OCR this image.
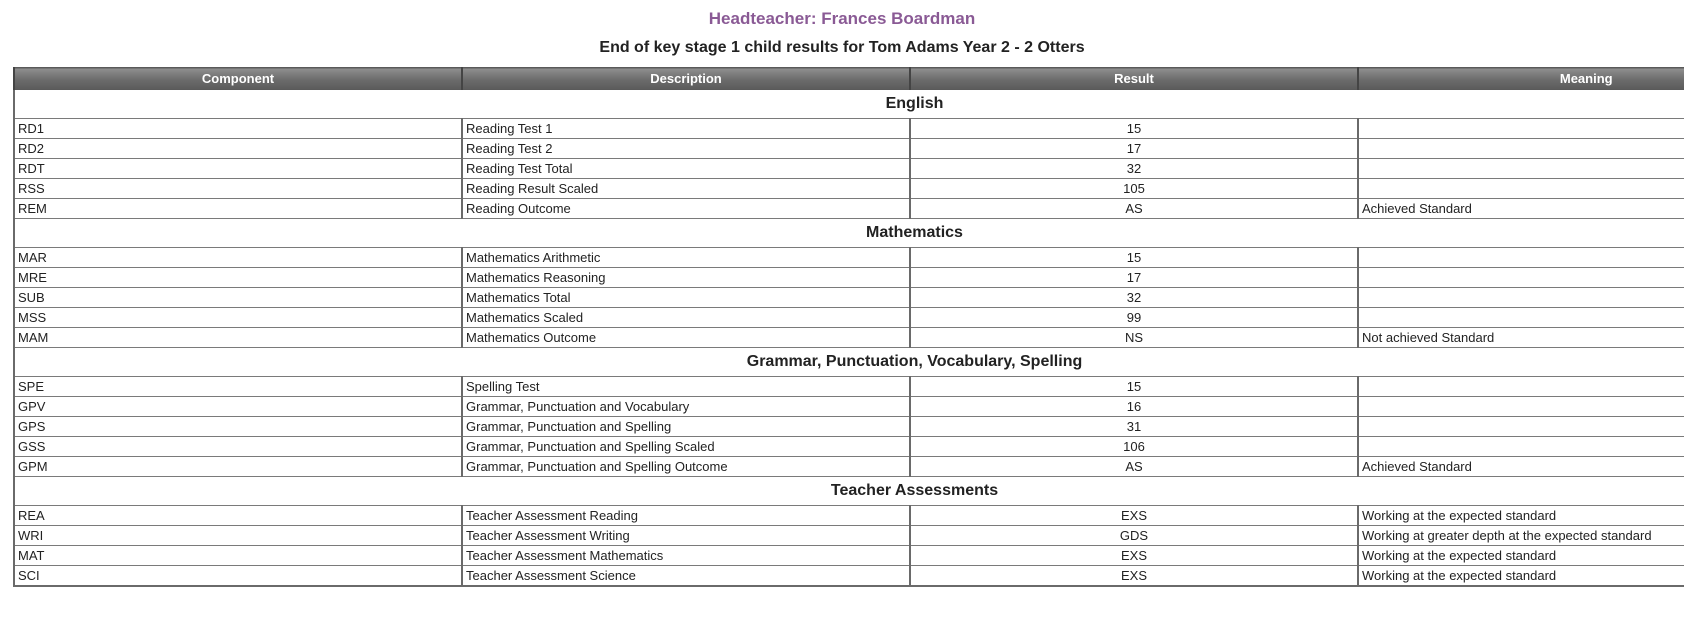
Headteacher: Frances Boardman
End of key stage 1 child results for Tom Adams Year 2 - 2 Otters
Component	Description	Result	Meaning
English			
RD1	Reading Test 1	15	
RD2	Reading Test 2	17	
RDT	Reading Test Total	32	
RSS	Reading Result Scaled	105	
REM	Reading Outcome	AS	Achieved Standard
Mathematics			
MAR	Mathematics Arithmetic	15	
MRE	Mathematics Reasoning	17	
SUB	Mathematics Total	32	
MSS	Mathematics Scaled	99	
MAM	Mathematics Outcome	NS	Not achieved Standard
Grammar, Punctuation, Vocabulary, Spelling			
SPE	Spelling Test	15	
GPV	Grammar, Punctuation and Vocabulary	16	
GPS	Grammar, Punctuation and Spelling	31	
GSS	Grammar, Punctuation and Spelling Scaled	106	
GPM	Grammar, Punctuation and Spelling Outcome	AS	Achieved Standard
Teacher Assessments			
REA	Teacher Assessment Reading	EXS	Working at the expected standard
WRI	Teacher Assessment Writing	GDS	Working at greater depth at the expected standard
MAT	Teacher Assessment Mathematics	EXS	Working at the expected standard
SCI	Teacher Assessment Science	EXS	Working at the expected standard
